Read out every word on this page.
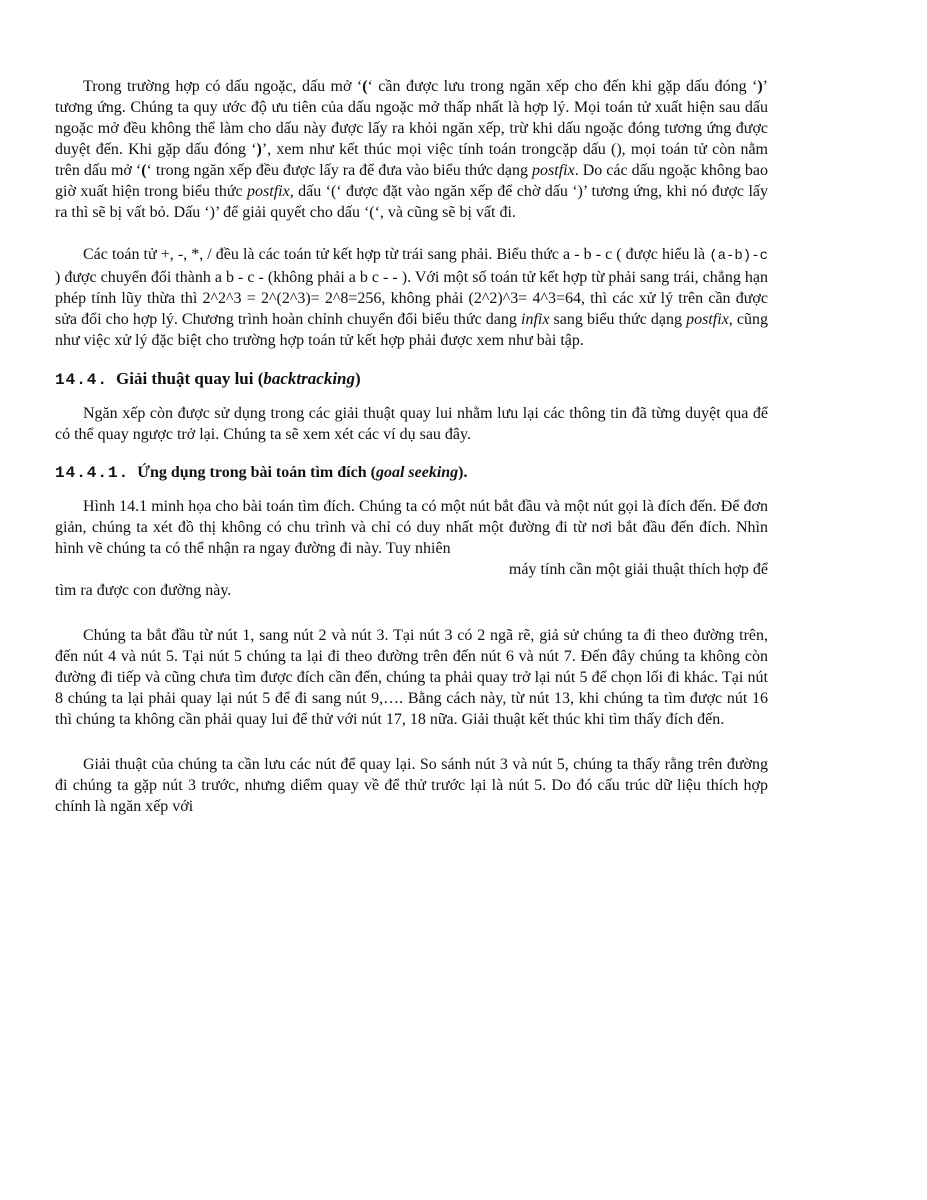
Trong trường hợp có dấu ngoặc, dấu mở ‘(‘ cần được lưu trong ngăn xếp cho đến khi gặp dấu đóng ‘)’ tương ứng. Chúng ta quy ước độ ưu tiên của dấu ngoặc mở thấp nhất là hợp lý. Mọi toán tử xuất hiện sau dấu ngoặc mở đều không thể làm cho dấu này được lấy ra khỏi ngăn xếp, trừ khi dấu ngoặc đóng tương ứng được duyệt đến. Khi gặp dấu đóng ‘)’, xem như kết thúc mọi việc tính toán trongcặp dấu (), mọi toán tử còn nằm trên dấu mở ‘(‘ trong ngăn xếp đều được lấy ra để đưa vào biểu thức dạng postfix. Do các dấu ngoặc không bao giờ xuất hiện trong biểu thức postfix, dấu ‘(‘ được đặt vào ngăn xếp để chờ dấu ‘)’ tương ứng, khi nó được lấy ra thì sẽ bị vất bỏ. Dấu ‘)’ để giải quyết cho dấu ‘(‘, và cũng sẽ bị vất đi.

Các toán tử +, -, *, / đều là các toán tử kết hợp từ trái sang phải. Biểu thức a - b - c ( được hiểu là (a-b)-c ) được chuyển đổi thành a b - c - (không phải a b c - - ). Với một số toán tử kết hợp từ phải sang trái, chẳng hạn phép tính lũy thừa thì 2^2^3 = 2^(2^3)= 2^8=256, không phải (2^2)^3= 4^3=64, thì các xử lý trên cần được sửa đổi cho hợp lý. Chương trình hoàn chỉnh chuyển đổi biểu thức dang infix sang biểu thức dạng postfix, cũng như việc xử lý đặc biệt cho trường hợp toán tử kết hợp phải được xem như bài tập.

14.4. Giải thuật quay lui (backtracking)

Ngăn xếp còn được sử dụng trong các giải thuật quay lui nhằm lưu lại các thông tin đã từng duyệt qua để có thể quay ngược trở lại. Chúng ta sẽ xem xét các ví dụ sau đây.

14.4.1. Ứng dụng trong bài toán tìm đích (goal seeking).

Hình 14.1 minh họa cho bài toán tìm đích. Chúng ta có một nút bắt đầu và một nút gọi là đích đến. Để đơn giản, chúng ta xét đồ thị không có chu trình và chỉ có duy nhất một đường đi từ nơi bắt đầu đến đích. Nhìn hình vẽ chúng ta có thể nhận ra ngay đường đi này. Tuy nhiên
máy tính cần một giải thuật thích hợp để
tìm ra được con đường này.

Chúng ta bắt đầu từ nút 1, sang nút 2 và nút 3. Tại nút 3 có 2 ngã rẽ, giả sử chúng ta đi theo đường trên, đến nút 4 và nút 5. Tại nút 5 chúng ta lại đi theo đường trên đến nút 6 và nút 7. Đến đây chúng ta không còn đường đi tiếp và cũng chưa tìm được đích cần đến, chúng ta phải quay trở lại nút 5 để chọn lối đi khác. Tại nút 8 chúng ta lại phải quay lại nút 5 để đi sang nút 9,…. Bằng cách này, từ nút 13, khi chúng ta tìm được nút 16 thì chúng ta không cần phải quay lui để thử với nút 17, 18 nữa. Giải thuật kết thúc khi tìm thấy đích đến.

Giải thuật của chúng ta cần lưu các nút để quay lại. So sánh nút 3 và nút 5, chúng ta thấy rằng trên đường đi chúng ta gặp nút 3 trước, nhưng diểm quay về để thử trước lại là nút 5. Do đó cấu trúc dữ liệu thích hợp chính là ngăn xếp với
